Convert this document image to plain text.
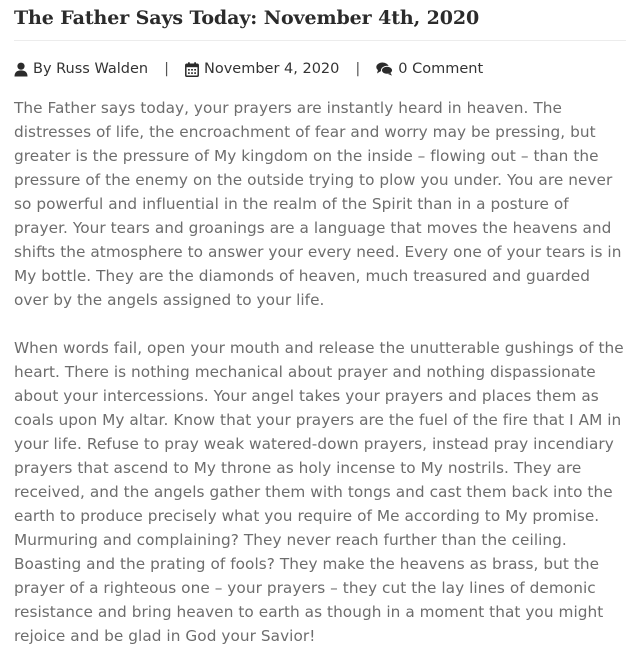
The Father Says Today: November 4th, 2020
By Russ Walden | November 4, 2020 |	0 Comment

The Father says today, your prayers are instantly heard in heaven. The distresses of life, the encroachment of fear and worry may be pressing, but greater is the pressure of My kingdom on the inside – flowing out – than the pressure of the enemy on the outside trying to plow you under. You are never so powerful and influential in the realm of the Spirit than in a posture of prayer. Your tears and groanings are a language that moves the heavens and shifts the atmosphere to answer your every need. Every one of your tears is in My bottle. They are the diamonds of heaven, much treasured and guarded over by the angels assigned to your life.

When words fail, open your mouth and release the unutterable gushings of the heart. There is nothing mechanical about prayer and nothing dispassionate about your intercessions. Your angel takes your prayers and places them as coals upon My altar. Know that your prayers are the fuel of the fire that I AM in your life. Refuse to pray weak watered-down prayers, instead pray incendiary prayers that ascend to My throne as holy incense to My nostrils. They are received, and the angels gather them with tongs and cast them back into the earth to produce precisely what you require of Me according to My promise. Murmuring and complaining? They never reach further than the ceiling. Boasting and the prating of fools? They make the heavens as brass, but the prayer of a righteous one – your prayers – they cut the lay lines of demonic resistance and bring heaven to earth as though in a moment that you might rejoice and be glad in God your Savior!
